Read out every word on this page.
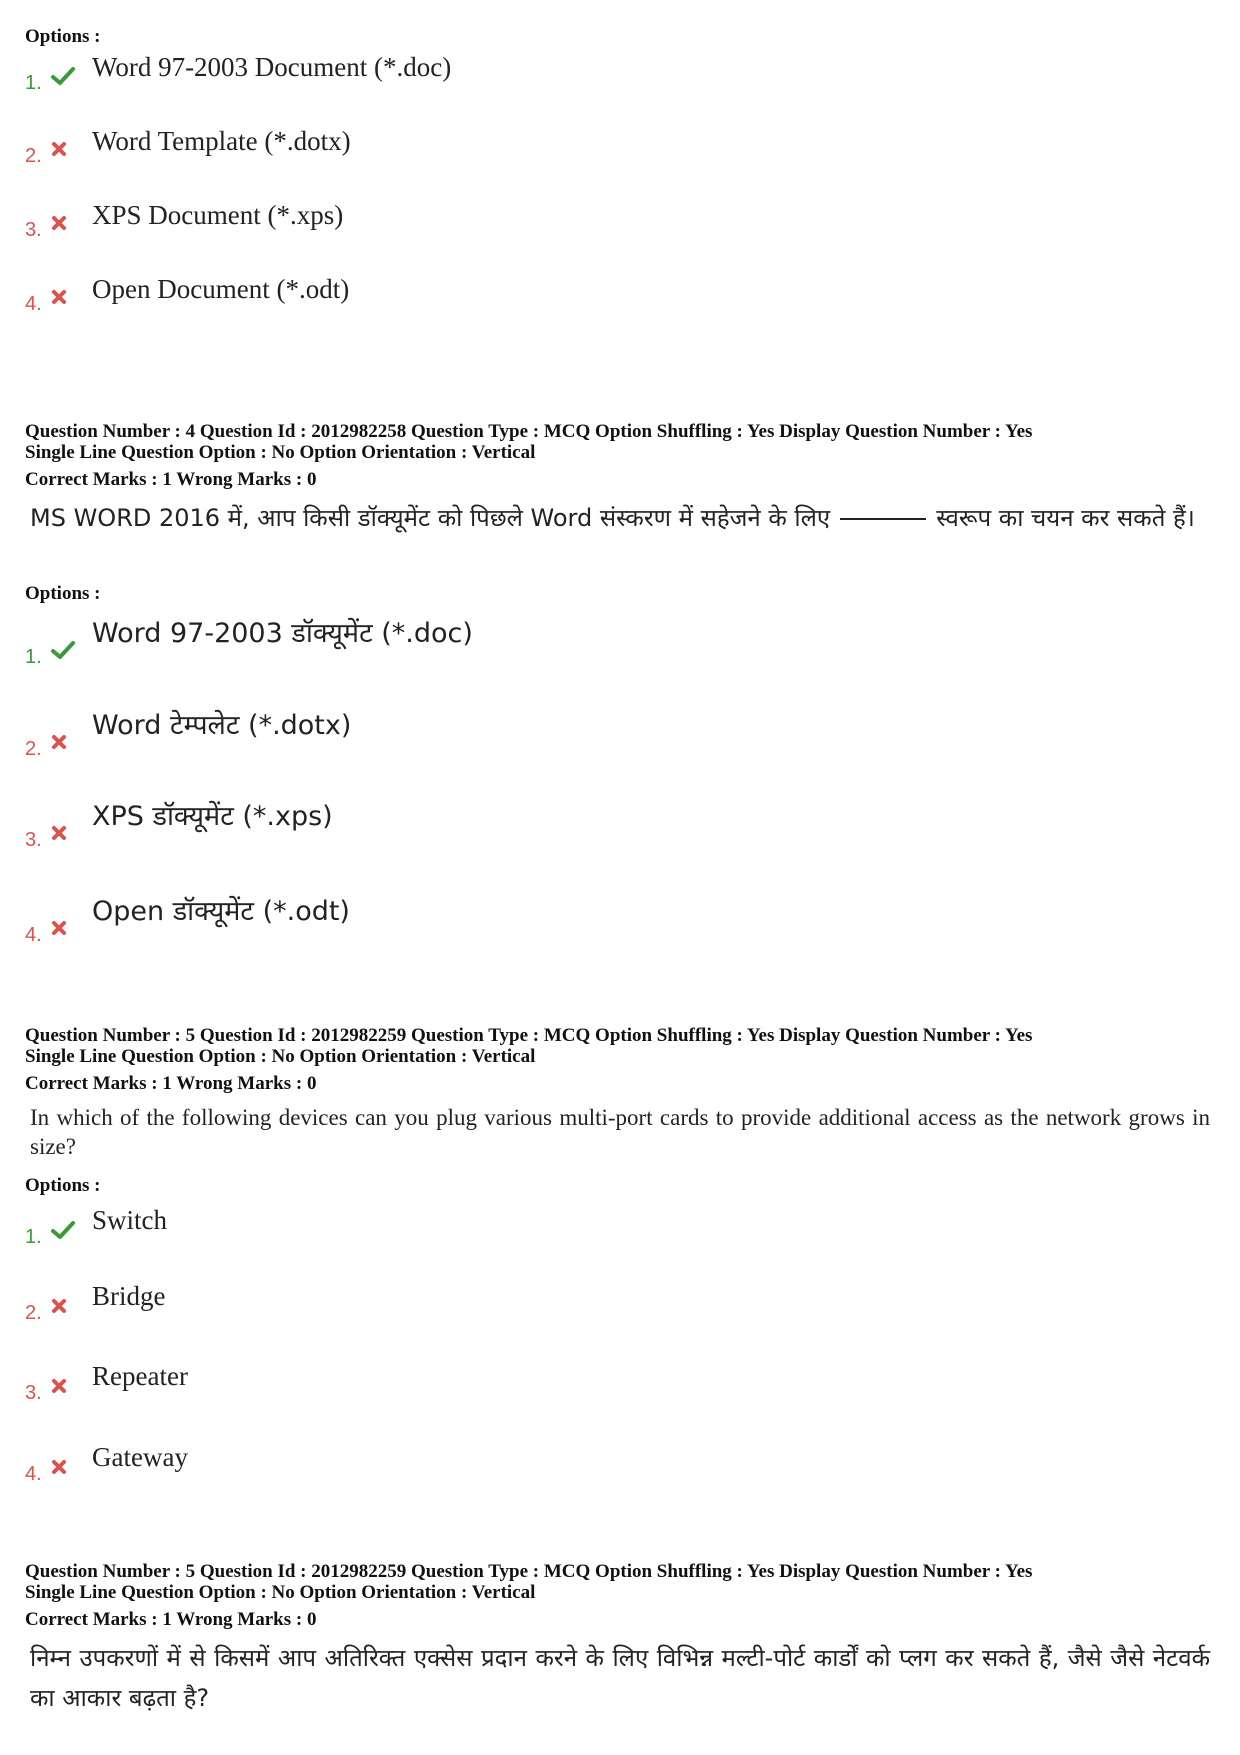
Options :
1.
Word 97-2003 Document (*.doc)
2. Word Template (*.dotx)
3. XPS Document (*.xps)
4. Open Document (*.odt)
Question Number : 4 Question Id : 2012982258 Question Type : MCQ Option Shuffling : Yes Display Question Number : Yes
Single Line Question Option : No Option Orientation : Vertical
Correct Marks : 1 Wrong Marks : 0
MS WORD 2016 में, आप किसी डॉक्यूमेंट को पिछले Word संस्करण में सहेजने के लिए	स्वरूप का चयन कर सकते हैं।
Options :
1.
Word 97-2003 डॉक्यूमेंट (*.doc)
2.
Word टेम्पलेट (*.dotx)
3.
XPS डॉक्यूमेंट (*.xps)
4.
Open डॉक्यूमेंट (*.odt)
Question Number : 5 Question Id : 2012982259 Question Type : MCQ Option Shuffling : Yes Display Question Number : Yes
Single Line Question Option : No Option Orientation : Vertical
Correct Marks : 1 Wrong Marks : 0
In which of the following devices can you plug various multi-port cards to provide additional access as the network grows in size?
Options :
1.
Switch
2.
Bridge
3.
Repeater
4.
Gateway
Question Number : 5 Question Id : 2012982259 Question Type : MCQ Option Shuffling : Yes Display Question Number : Yes
Single Line Question Option : No Option Orientation : Vertical
Correct Marks : 1 Wrong Marks : 0
निम्न उपकरणों में से किसमें आप अतिरिक्त एक्सेस प्रदान करने के लिए विभिन्न मल्टी-पोर्ट कार्डों को प्लग कर सकते हैं, जैसे जैसे नेटवर्क का आकार बढ़ता है?
